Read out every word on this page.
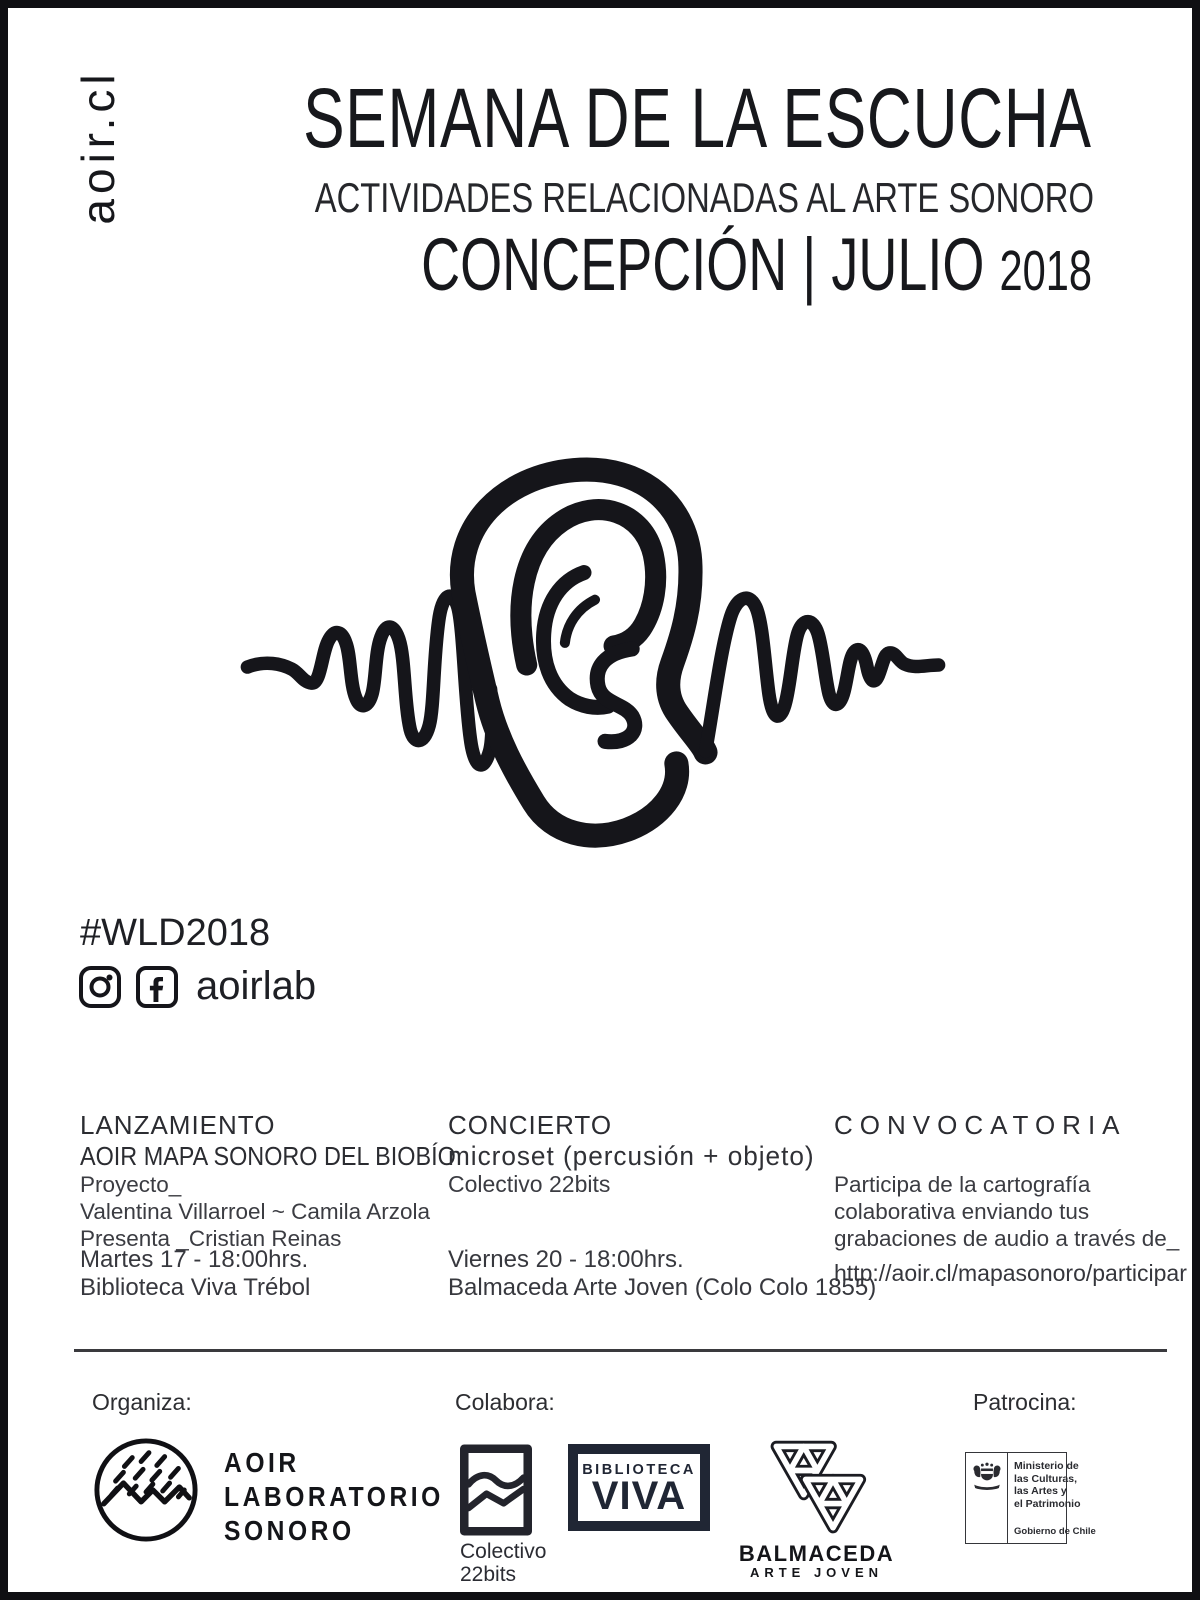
aoir.cl	SEMANA DE LA ESCUCHA
ACTIVIDADES RELACIONADAS AL ARTE SONORO
CONCEPCIÓN | JULIO 2018
#WLD2018
aoirlab
LANZAMIENTO
AOIR MAPA SONORO DEL BIOBÍO
Proyecto_
Valentina Villarroel ~ Camila Arzola
Presenta _Cristian Reinas
Martes 17 - 18:00hrs.
Biblioteca Viva Trébol
CONCIERTO
microset (percusión + objeto)
Colectivo 22bits
Viernes 20 - 18:00hrs.
Balmaceda Arte Joven (Colo Colo 1855)
CONVOCATORIA
Participa de la cartografía
colaborativa enviando tus
grabaciones de audio a través de_
http://aoir.cl/mapasonoro/participar
Organiza:	Colabora:	Patrocina:
AOIR
LABORATORIO
SONORO
Colectivo
22bits
BIBLIOTECA
VIVA
BALMACEDA
ARTE JOVEN
Ministerio de
las Culturas,
las Artes y
el Patrimonio
Gobierno de Chile
